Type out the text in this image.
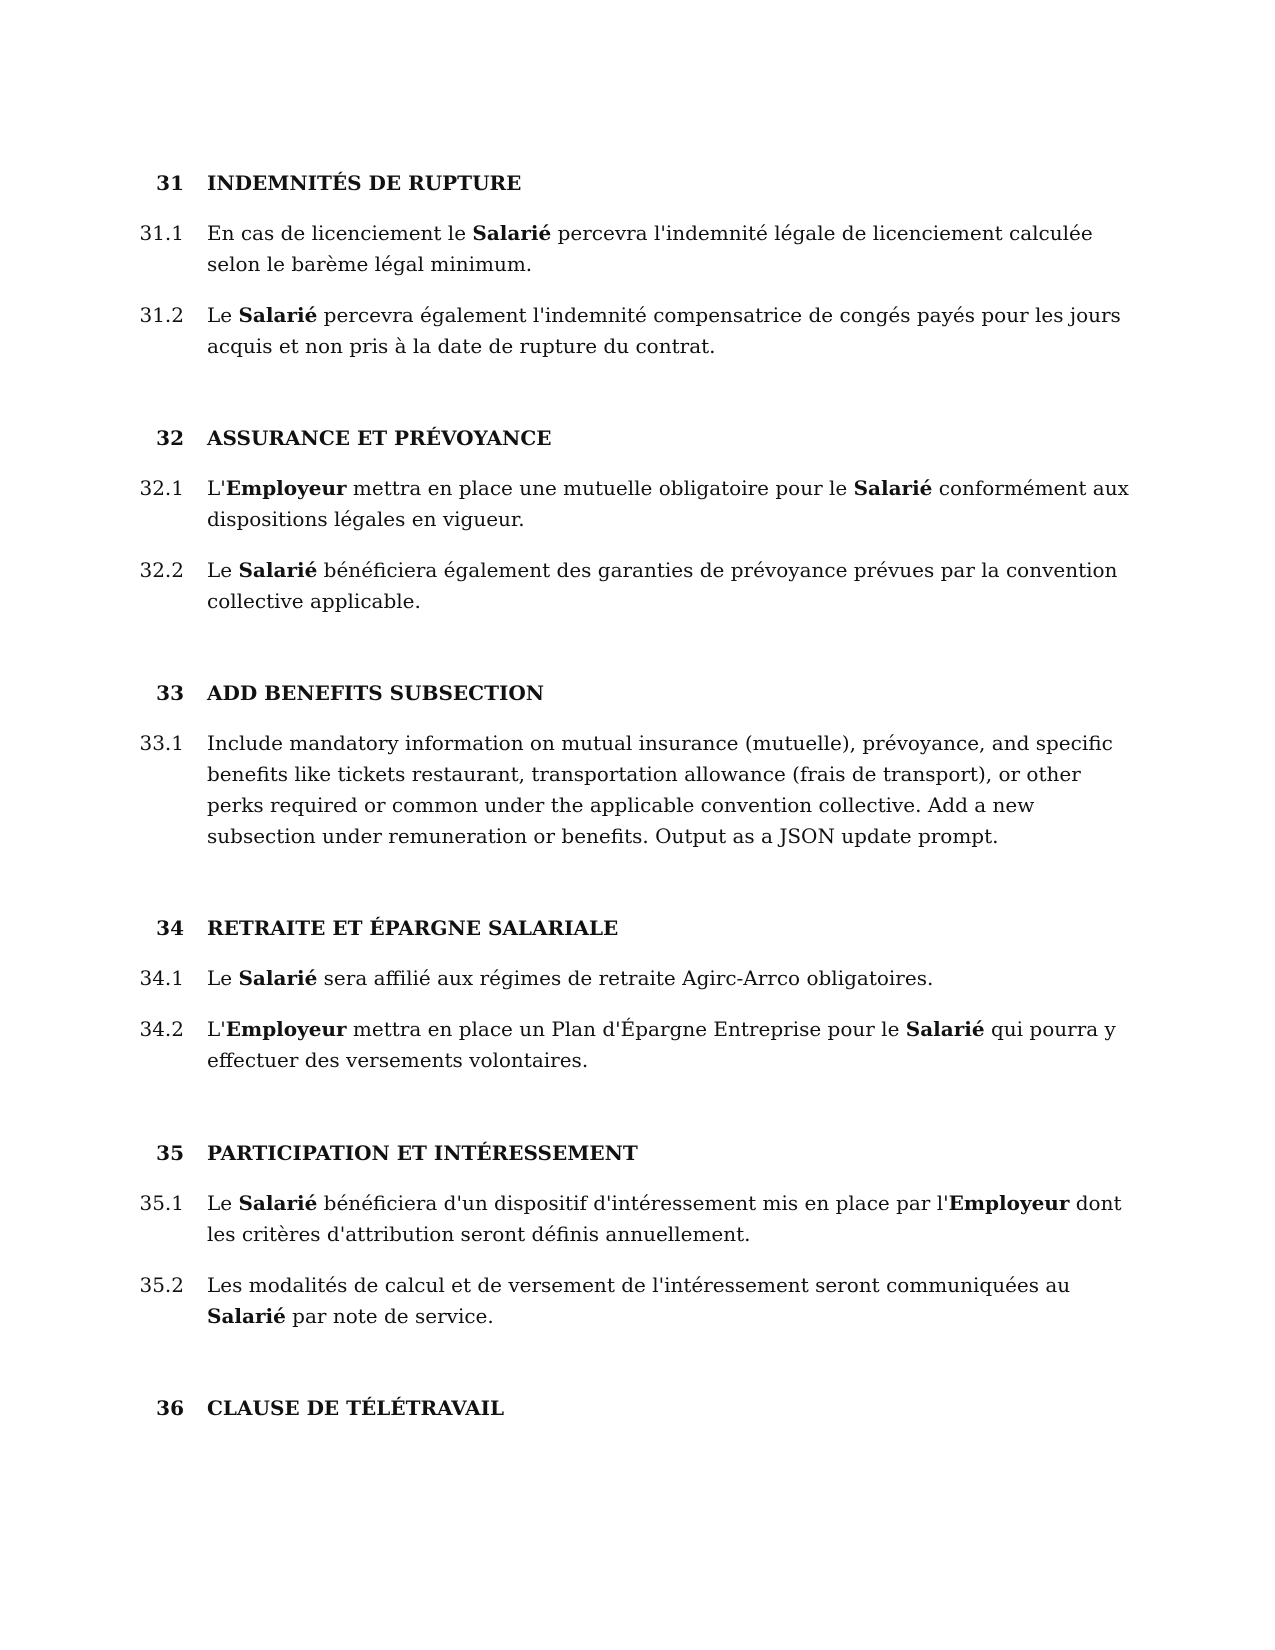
31 INDEMNITÉS DE RUPTURE
31.1 En cas de licenciement le Salarié percevra l'indemnité légale de licenciement calculée selon le barème légal minimum.
31.2 Le Salarié percevra également l'indemnité compensatrice de congés payés pour les jours acquis et non pris à la date de rupture du contrat.
32 ASSURANCE ET PRÉVOYANCE
32.1 L'Employeur mettra en place une mutuelle obligatoire pour le Salarié conformément aux dispositions légales en vigueur.
32.2 Le Salarié bénéficiera également des garanties de prévoyance prévues par la convention collective applicable.
33 ADD BENEFITS SUBSECTION
33.1 Include mandatory information on mutual insurance (mutuelle), prévoyance, and specific benefits like tickets restaurant, transportation allowance (frais de transport), or other perks required or common under the applicable convention collective. Add a new subsection under remuneration or benefits. Output as a JSON update prompt.
34 RETRAITE ET ÉPARGNE SALARIALE
34.1 Le Salarié sera affilié aux régimes de retraite Agirc-Arrco obligatoires.
34.2 L'Employeur mettra en place un Plan d'Épargne Entreprise pour le Salarié qui pourra y effectuer des versements volontaires.
35 PARTICIPATION ET INTÉRESSEMENT
35.1 Le Salarié bénéficiera d'un dispositif d'intéressement mis en place par l'Employeur dont les critères d'attribution seront définis annuellement.
35.2 Les modalités de calcul et de versement de l'intéressement seront communiquées au Salarié par note de service.
36 CLAUSE DE TÉLÉTRAVAIL
